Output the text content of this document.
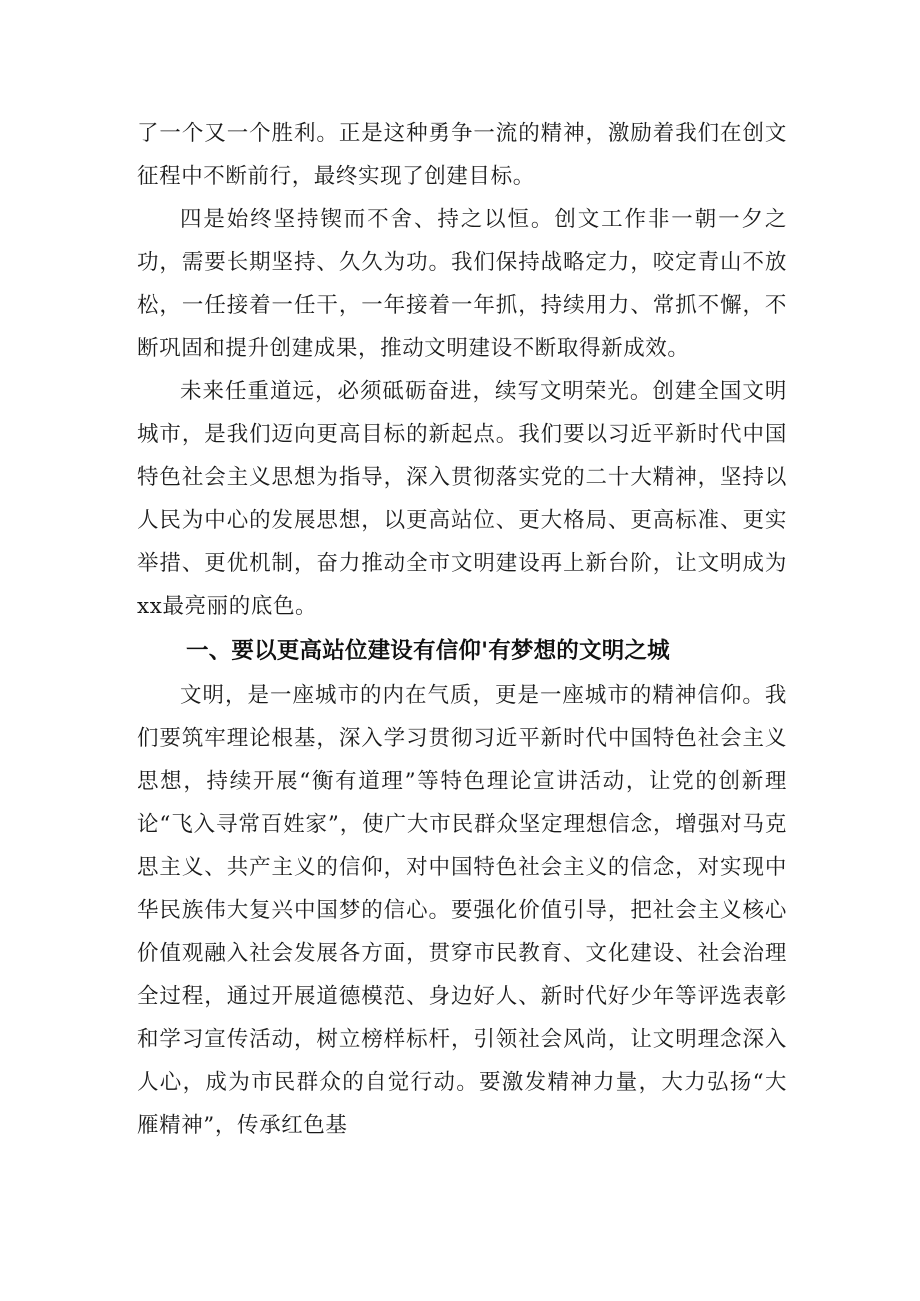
了一个又一个胜利。正是这种勇争一流的精神，激励着我们在创文征程中不断前行，最终实现了创建目标。

四是始终坚持锲而不舍、持之以恒。创文工作非一朝一夕之功，需要长期坚持、久久为功。我们保持战略定力，咬定青山不放松，一任接着一任干，一年接着一年抓，持续用力、常抓不懈，不断巩固和提升创建成果，推动文明建设不断取得新成效。

未来任重道远，必须砥砺奋进，续写文明荣光。创建全国文明城市，是我们迈向更高目标的新起点。我们要以习近平新时代中国特色社会主义思想为指导，深入贯彻落实党的二十大精神，坚持以人民为中心的发展思想，以更高站位、更大格局、更高标准、更实举措、更优机制，奋力推动全市文明建设再上新台阶，让文明成为xx最亮丽的底色。

一、要以更高站位建设有信仰'有梦想的文明之城

文明，是一座城市的内在气质，更是一座城市的精神信仰。我们要筑牢理论根基，深入学习贯彻习近平新时代中国特色社会主义思想，持续开展“衡有道理”等特色理论宣讲活动，让党的创新理论“飞入寻常百姓家”，使广大市民群众坚定理想信念，增强对马克思主义、共产主义的信仰，对中国特色社会主义的信念，对实现中华民族伟大复兴中国梦的信心。要强化价值引导，把社会主义核心价值观融入社会发展各方面，贯穿市民教育、文化建设、社会治理全过程，通过开展道德模范、身边好人、新时代好少年等评选表彰和学习宣传活动，树立榜样标杆，引领社会风尚，让文明理念深入人心，成为市民群众的自觉行动。要激发精神力量，大力弘扬“大雁精神”，传承红色基
